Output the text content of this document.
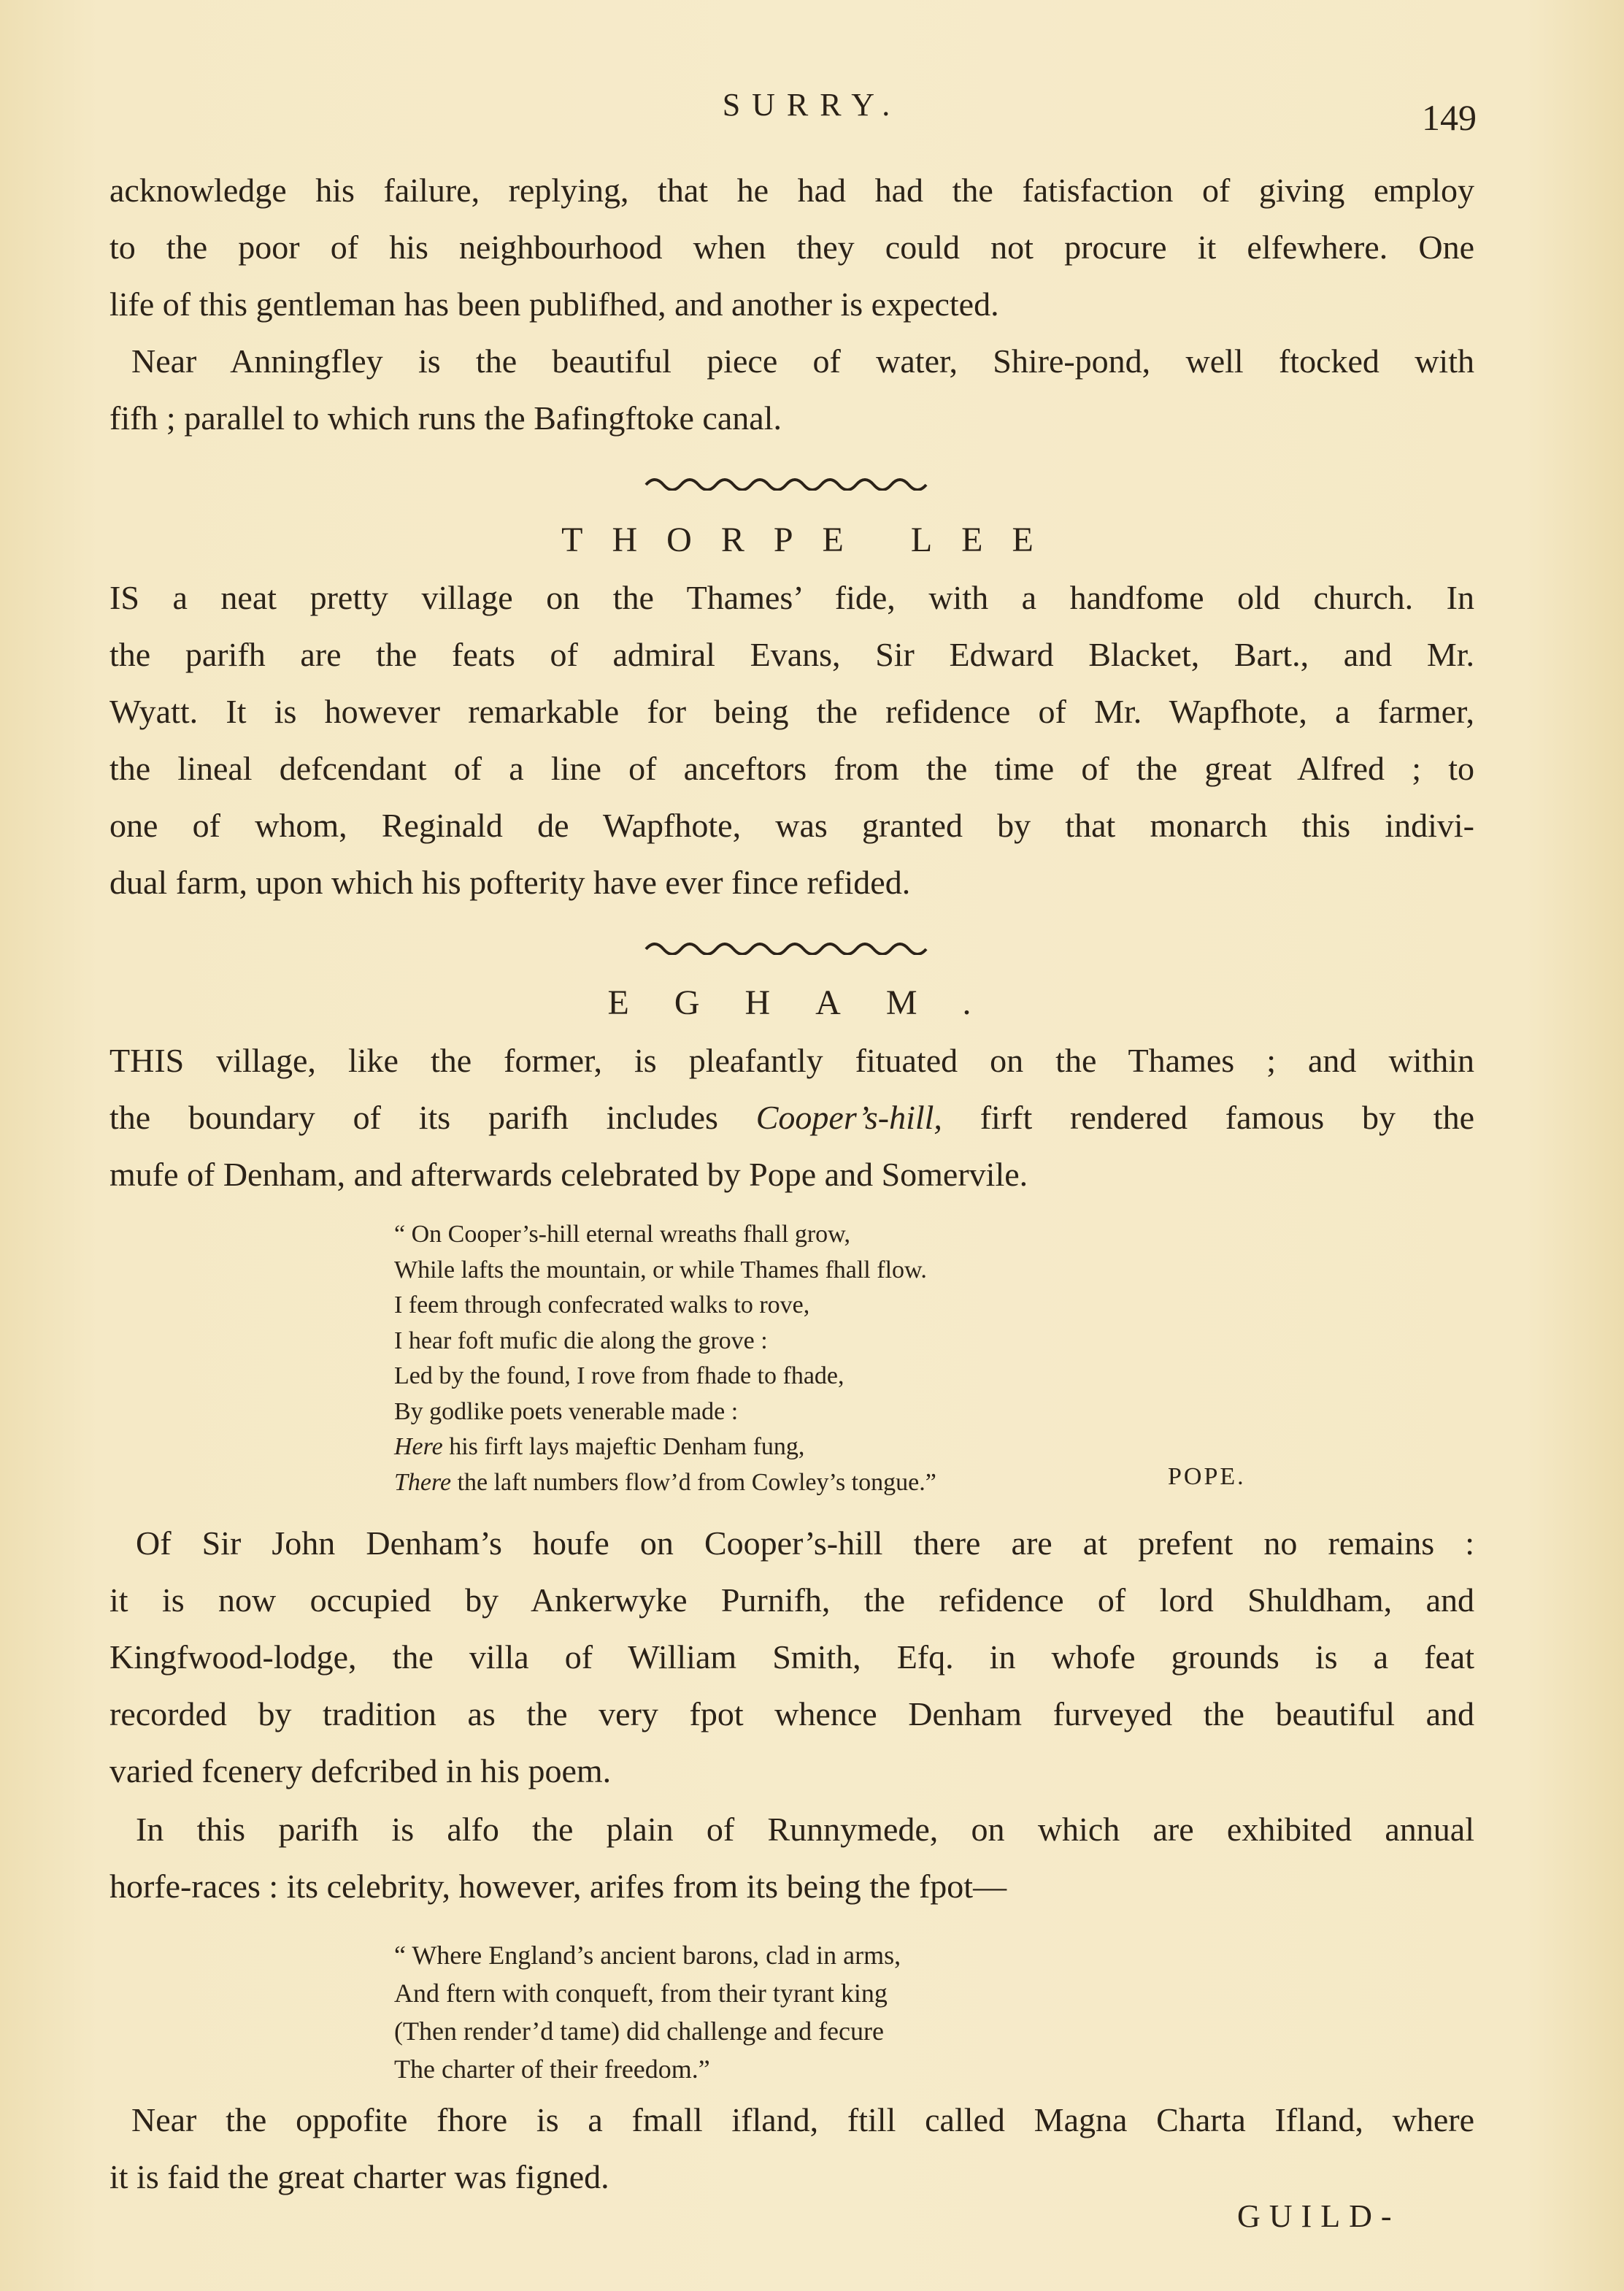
SURRY.	149
acknowledge his failure, replying, that he had had the fatisfaction of giving employ
to the poor of his neighbourhood when they could not procure it elfewhere. One
life of this gentleman has been publifhed, and another is expected.
Near Anningfley is the beautiful piece of water, Shire-pond, well ftocked with
fifh ; parallel to which runs the Bafingftoke canal.
THORPE LEE
IS a neat pretty village on the Thames’ fide, with a handfome old church. In
the parifh are the feats of admiral Evans, Sir Edward Blacket, Bart., and Mr.
Wyatt. It is however remarkable for being the refidence of Mr. Wapfhote, a farmer,
the lineal defcendant of a line of anceftors from the time of the great Alfred ; to
one of whom, Reginald de Wapfhote, was granted by that monarch this indivi-
dual farm, upon which his pofterity have ever fince refided.
EGHAM.
THIS village, like the former, is pleafantly fituated on the Thames ; and within
the boundary of its parifh includes Cooper’s-hill, firft rendered famous by the
mufe of Denham, and afterwards celebrated by Pope and Somervile.
“ On Cooper’s-hill eternal wreaths fhall grow,
While lafts the mountain, or while Thames fhall flow.
I feem through confecrated walks to rove,
I hear foft mufic die along the grove :
Led by the found, I rove from fhade to fhade,
By godlike poets venerable made :
Here his firft lays majeftic Denham fung,
There the laft numbers flow’d from Cowley’s tongue.”	POPE.
Of Sir John Denham’s houfe on Cooper’s-hill there are at prefent no remains :
it is now occupied by Ankerwyke Purnifh, the refidence of lord Shuldham, and
Kingfwood-lodge, the villa of William Smith, Efq. in whofe grounds is a feat
recorded by tradition as the very fpot whence Denham furveyed the beautiful and
varied fcenery defcribed in his poem.
In this parifh is alfo the plain of Runnymede, on which are exhibited annual
horfe-races : its celebrity, however, arifes from its being the fpot—
“ Where England’s ancient barons, clad in arms,
And ftern with conqueft, from their tyrant king
(Then render’d tame) did challenge and fecure
The charter of their freedom.”
Near the oppofite fhore is a fmall ifland, ftill called Magna Charta Ifland, where
it is faid the great charter was figned.
GUILD-
